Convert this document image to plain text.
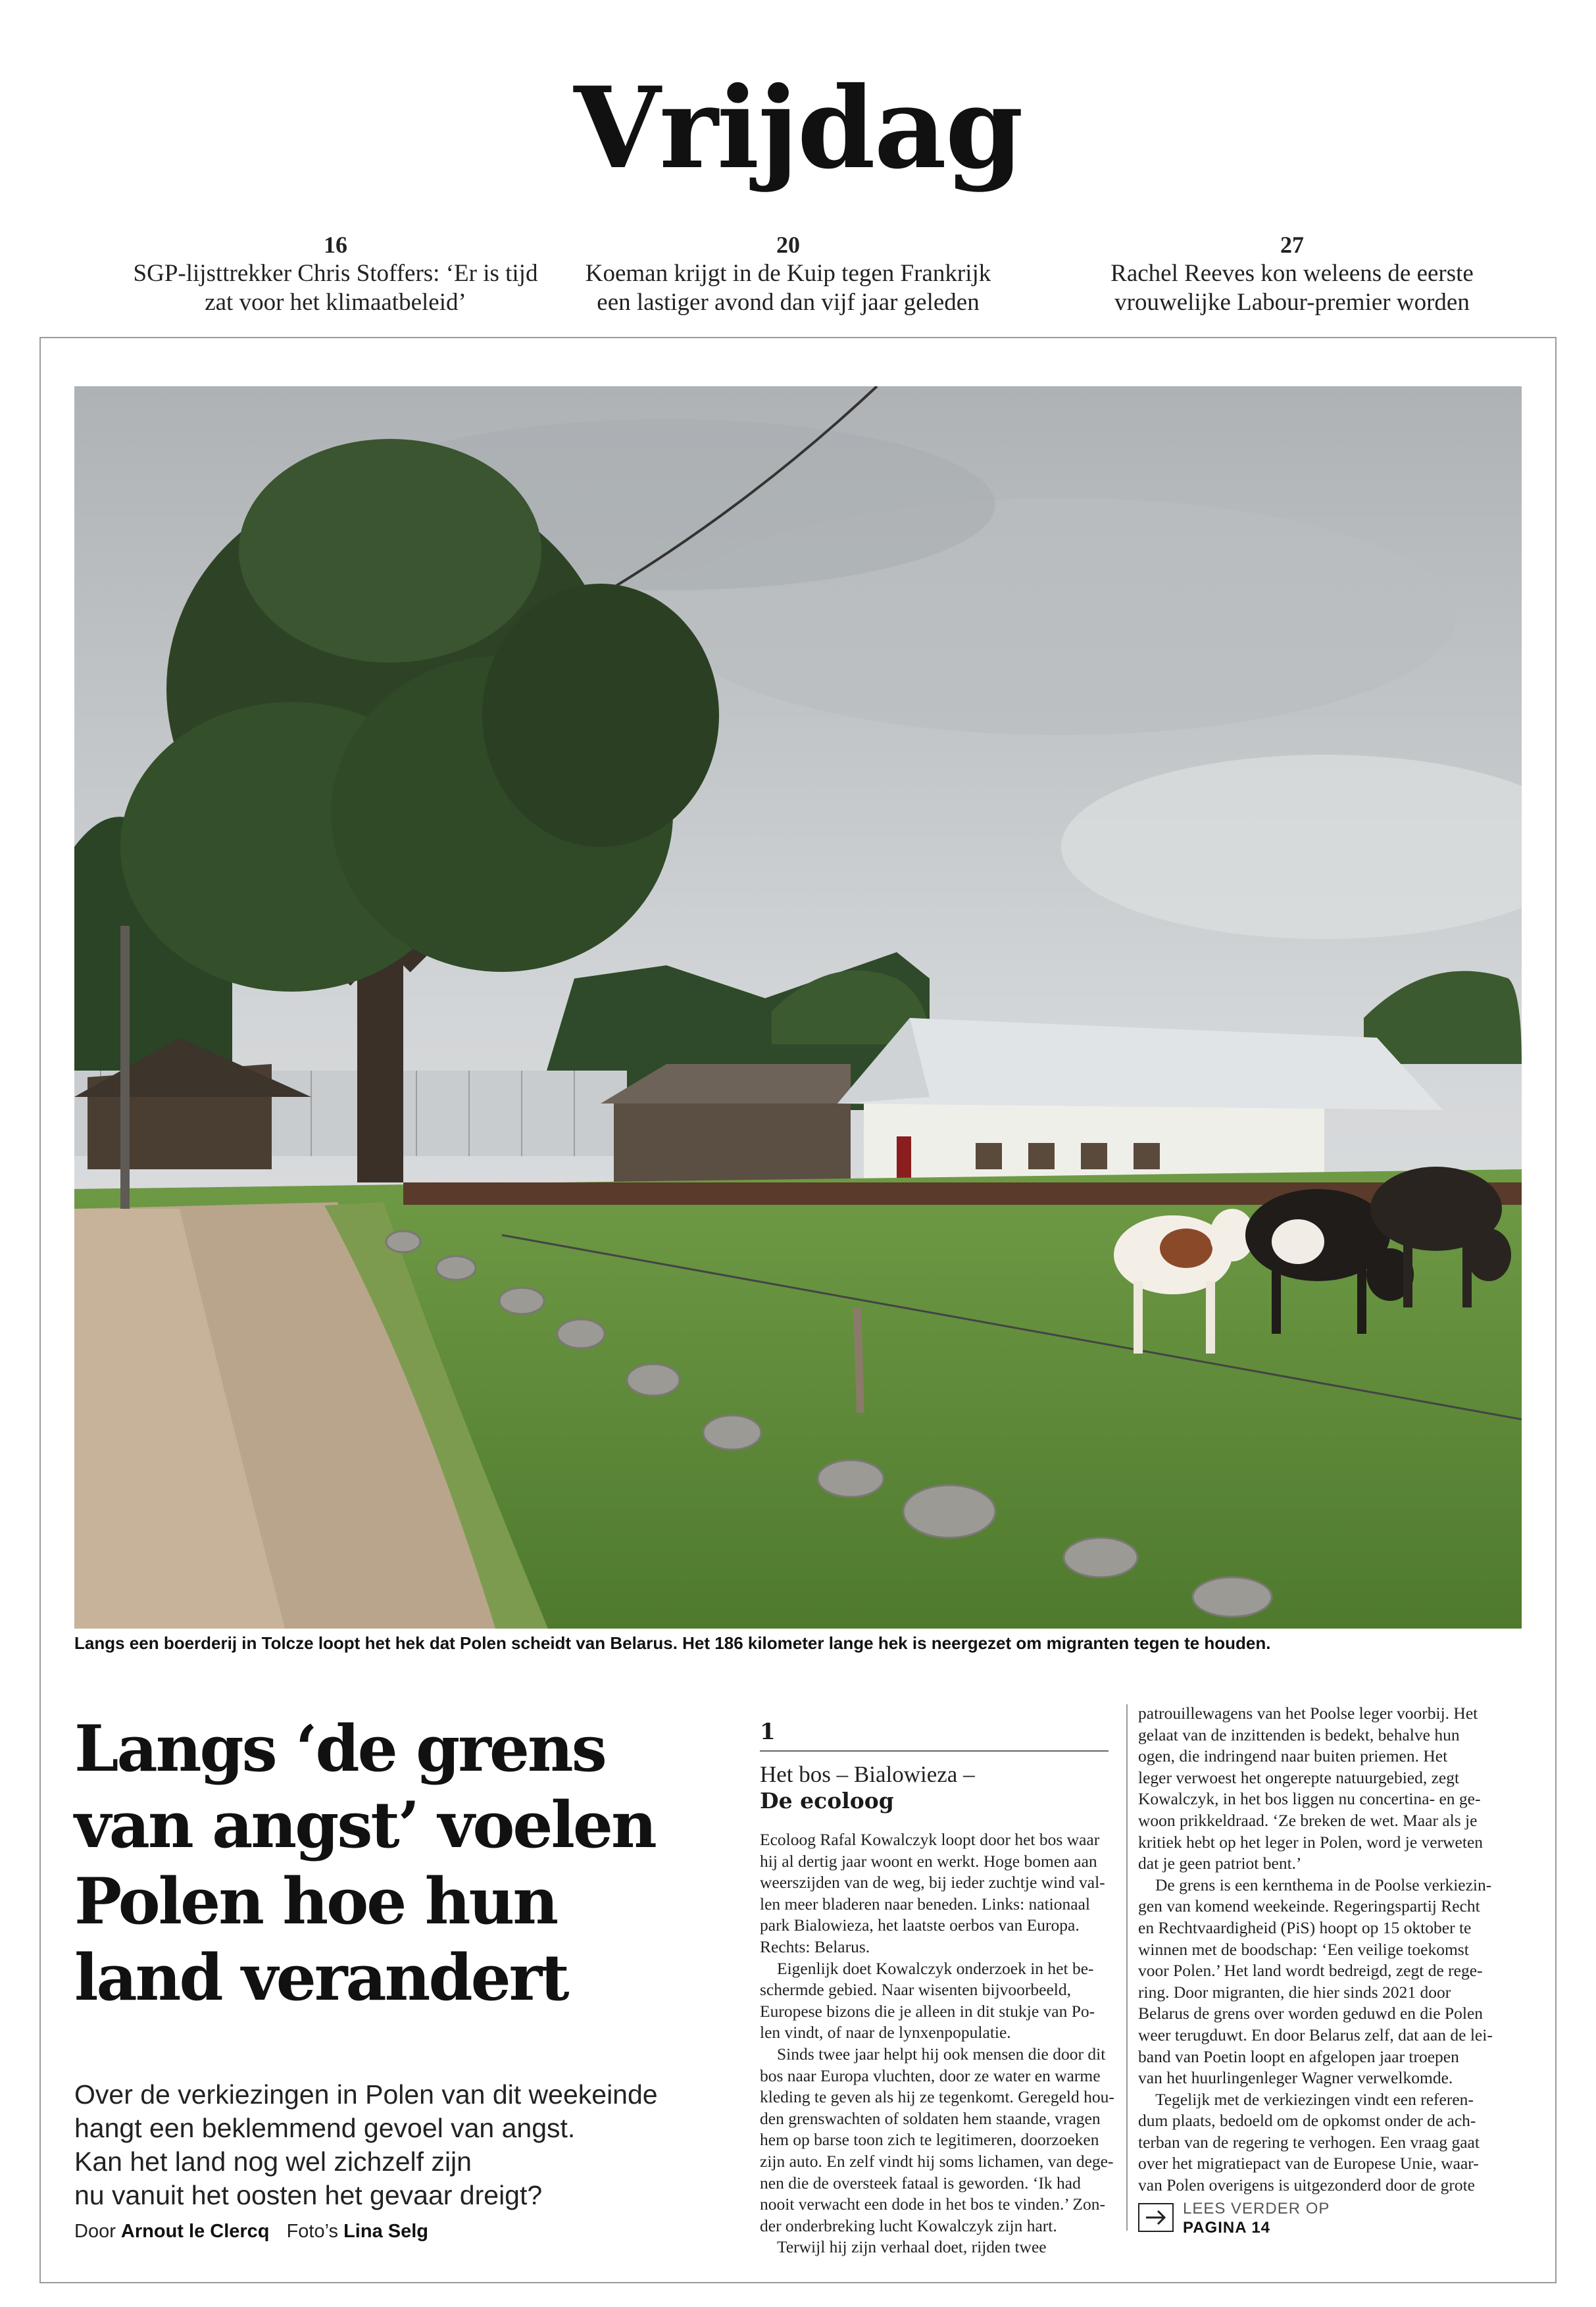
Vrijdag
16
SGP-lijsttrekker Chris Stoffers: ‘Er is tijd
zat voor het klimaatbeleid’
20
Koeman krijgt in de Kuip tegen Frankrijk
een lastiger avond dan vijf jaar geleden
27
Rachel Reeves kon weleens de eerste
vrouwelijke Labour-premier worden
Langs een boerderij in Tolcze loopt het hek dat Polen scheidt van Belarus. Het 186 kilometer lange hek is neergezet om migranten tegen te houden.
Langs ‘de grens
van angst’ voelen
Polen hoe hun
land verandert
Over de verkiezingen in Polen van dit weekeinde
hangt een beklemmend gevoel van angst.
Kan het land nog wel zichzelf zijn
nu vanuit het oosten het gevaar dreigt?
Door Arnout le Clercq Foto’s Lina Selg
1
Het bos – Bialowieza –
De ecoloog
Ecoloog Rafal Kowalczyk loopt door het bos waar
hij al dertig jaar woont en werkt. Hoge bomen aan
weerszijden van de weg, bij ieder zuchtje wind val-
len meer bladeren naar beneden. Links: nationaal
park Bialowieza, het laatste oerbos van Europa.
Rechts: Belarus.
Eigenlijk doet Kowalczyk onderzoek in het be-
schermde gebied. Naar wisenten bijvoorbeeld,
Europese bizons die je alleen in dit stukje van Po-
len vindt, of naar de lynxenpopulatie.
Sinds twee jaar helpt hij ook mensen die door dit
bos naar Europa vluchten, door ze water en warme
kleding te geven als hij ze tegenkomt. Geregeld hou-
den grenswachten of soldaten hem staande, vragen
hem op barse toon zich te legitimeren, doorzoeken
zijn auto. En zelf vindt hij soms lichamen, van dege-
nen die de oversteek fataal is geworden. ‘Ik had
nooit verwacht een dode in het bos te vinden.’ Zon-
der onderbreking lucht Kowalczyk zijn hart.
Terwijl hij zijn verhaal doet, rijden twee
patrouillewagens van het Poolse leger voorbij. Het
gelaat van de inzittenden is bedekt, behalve hun
ogen, die indringend naar buiten priemen. Het
leger verwoest het ongerepte natuurgebied, zegt
Kowalczyk, in het bos liggen nu concertina- en ge-
woon prikkeldraad. ‘Ze breken de wet. Maar als je
kritiek hebt op het leger in Polen, word je verweten
dat je geen patriot bent.’
De grens is een kernthema in de Poolse verkiezin-
gen van komend weekeinde. Regeringspartij Recht
en Rechtvaardigheid (PiS) hoopt op 15 oktober te
winnen met de boodschap: ‘Een veilige toekomst
voor Polen.’ Het land wordt bedreigd, zegt de rege-
ring. Door migranten, die hier sinds 2021 door
Belarus de grens over worden geduwd en die Polen
weer terugduwt. En door Belarus zelf, dat aan de lei-
band van Poetin loopt en afgelopen jaar troepen
van het huurlingenleger Wagner verwelkomde.
Tegelijk met de verkiezingen vindt een referen-
dum plaats, bedoeld om de opkomst onder de ach-
terban van de regering te verhogen. Een vraag gaat
over het migratiepact van de Europese Unie, waar-
van Polen overigens is uitgezonderd door de grote
LEES VERDER OP
PAGINA 14
